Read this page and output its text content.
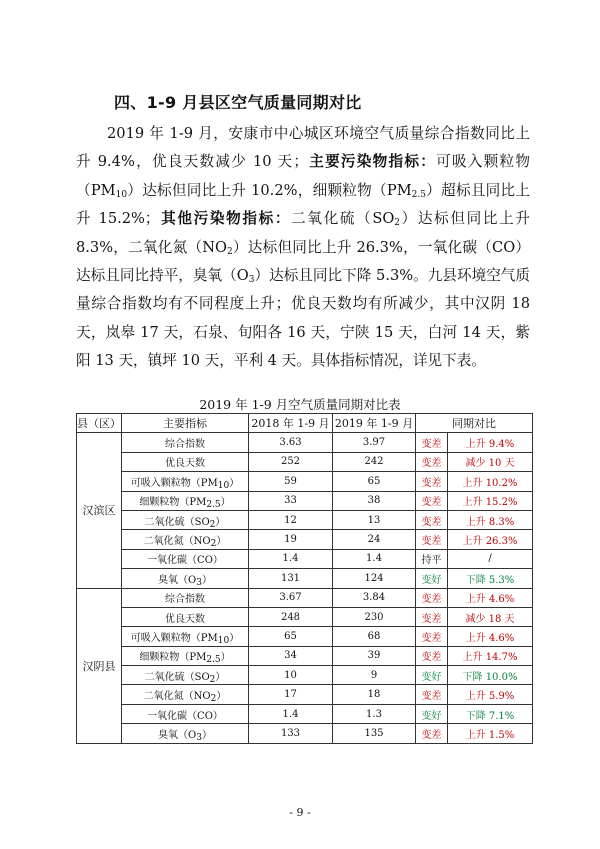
四、1-9 月县区空气质量同期对比

2019 年 1-9 月，安康市中心城区环境空气质量综合指数同比上升 9.4%，优良天数减少 10 天；主要污染物指标：可吸入颗粒物$(PM_{10})$达标但同比上升 10.2%，细颗粒物$(PM_{2.5})$超标且同比上升 15.2%；其他污染物指标：二氧化硫$(SO_2)$达标但同比上升 8.3%，二氧化氮$(NO_2)$达标但同比上升 26.3%，一氧化碳（CO）达标且同比持平，臭氧$(O_3)$达标且同比下降 5.3%。九县环境空气质量综合指数均有不同程度上升；优良天数均有所减少，其中汉阴 18 天，岚皋 17 天，石泉、旬阳各 16 天，宁陕 15 天，白河 14 天，紫阳 13 天，镇坪 10 天，平利 4 天。具体指标情况，详见下表。

2019 年 1-9 月空气质量同期对比表
县（区）	主要指标	2018 年 1-9 月	2019 年 1-9 月	同期对比	
汉滨区	综合指数	3.63	3.97	变差	上升 9.4%
	优良天数	252	242	变差	减少 10 天
	可吸入颗粒物$(PM_{10})$	59	65	变差	上升 10.2%
	细颗粒物$(PM_{2.5})$	33	38	变差	上升 15.2%
	二氧化硫$(SO_2)$	12	13	变差	上升 8.3%
	二氧化氮$(NO_2)$	19	24	变差	上升 26.3%
	一氧化碳（CO）	1.4	1.4	持平	/
	臭氧$(O_3)$	131	124	变好	下降 5.3%
汉阴县	综合指数	3.67	3.84	变差	上升 4.6%
	优良天数	248	230	变差	减少 18 天
	可吸入颗粒物$(PM_{10})$	65	68	变差	上升 4.6%
	细颗粒物$(PM_{2.5})$	34	39	变差	上升 14.7%
	二氧化硫$(SO_2)$	10	9	变好	下降 10.0%
	二氧化氮$(NO_2)$	17	18	变差	上升 5.9%
	一氧化碳（CO）	1.4	1.3	变好	下降 7.1%
	臭氧$(O_3)$	133	135	变差	上升 1.5%
- 9 -
